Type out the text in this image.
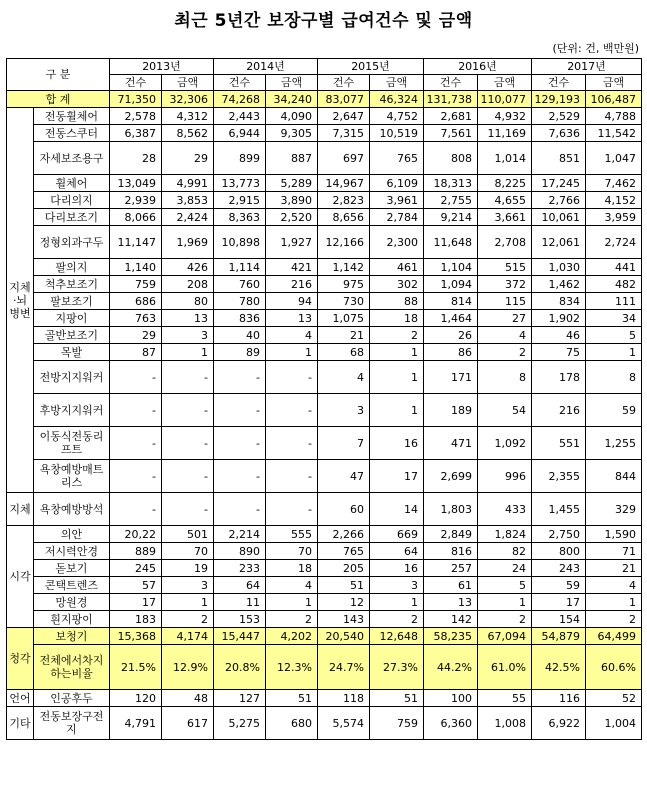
최근 5년간 보장구별 급여건수 및 금액
(단위: 건, 백만원)
구 분		2013년		2014년		2015년		2016년		2017년	
		건수	금액	건수	금액	건수	금액	건수	금액	건수	금액
합 계		71,350	32,306	74,268	34,240	83,077	46,324	131,738	110,077	129,193	106,487
지체·뇌병변	전동휠체어	2,578	4,312	2,443	4,090	2,647	4,752	2,681	4,932	2,529	4,788
	전동스쿠터	6,387	8,562	6,944	9,305	7,315	10,519	7,561	11,169	7,636	11,542
	자세보조용구	28	29	899	887	697	765	808	1,014	851	1,047
	휠체어	13,049	4,991	13,773	5,289	14,967	6,109	18,313	8,225	17,245	7,462
	다리의지	2,939	3,853	2,915	3,890	2,823	3,961	2,755	4,655	2,766	4,152
	다리보조기	8,066	2,424	8,363	2,520	8,656	2,784	9,214	3,661	10,061	3,959
	정형외과구두	11,147	1,969	10,898	1,927	12,166	2,300	11,648	2,708	12,061	2,724
	팔의지	1,140	426	1,114	421	1,142	461	1,104	515	1,030	441
	척추보조기	759	208	760	216	975	302	1,094	372	1,462	482
	팔보조기	686	80	780	94	730	88	814	115	834	111
	지팡이	763	13	836	13	1,075	18	1,464	27	1,902	34
	골반보조기	29	3	40	4	21	2	26	4	46	5
	목발	87	1	89	1	68	1	86	2	75	1
	전방지지워커	-	-	-	-	4	1	171	8	178	8
	후방지지워커	-	-	-	-	3	1	189	54	216	59
	이동식전동리프트	-	-	-	-	7	16	471	1,092	551	1,255
	욕창예방매트리스	-	-	-	-	47	17	2,699	996	2,355	844
지체	욕창예방방석	-	-	-	-	60	14	1,803	433	1,455	329
시각	의안	20,22	501	2,214	555	2,266	669	2,849	1,824	2,750	1,590
	저시력안경	889	70	890	70	765	64	816	82	800	71
	돋보기	245	19	233	18	205	16	257	24	243	21
	콘택트렌즈	57	3	64	4	51	3	61	5	59	4
	망원경	17	1	11	1	12	1	13	1	17	1
	흰지팡이	183	2	153	2	143	2	142	2	154	2
청각	보청기	15,368	4,174	15,447	4,202	20,540	12,648	58,235	67,094	54,879	64,499
	전체에서차지하는비율	21.5%	12.9%	20.8%	12.3%	24.7%	27.3%	44.2%	61.0%	42.5%	60.6%
언어	인공후두	120	48	127	51	118	51	100	55	116	52
기타	전동보장구전지	4,791	617	5,275	680	5,574	759	6,360	1,008	6,922	1,004
